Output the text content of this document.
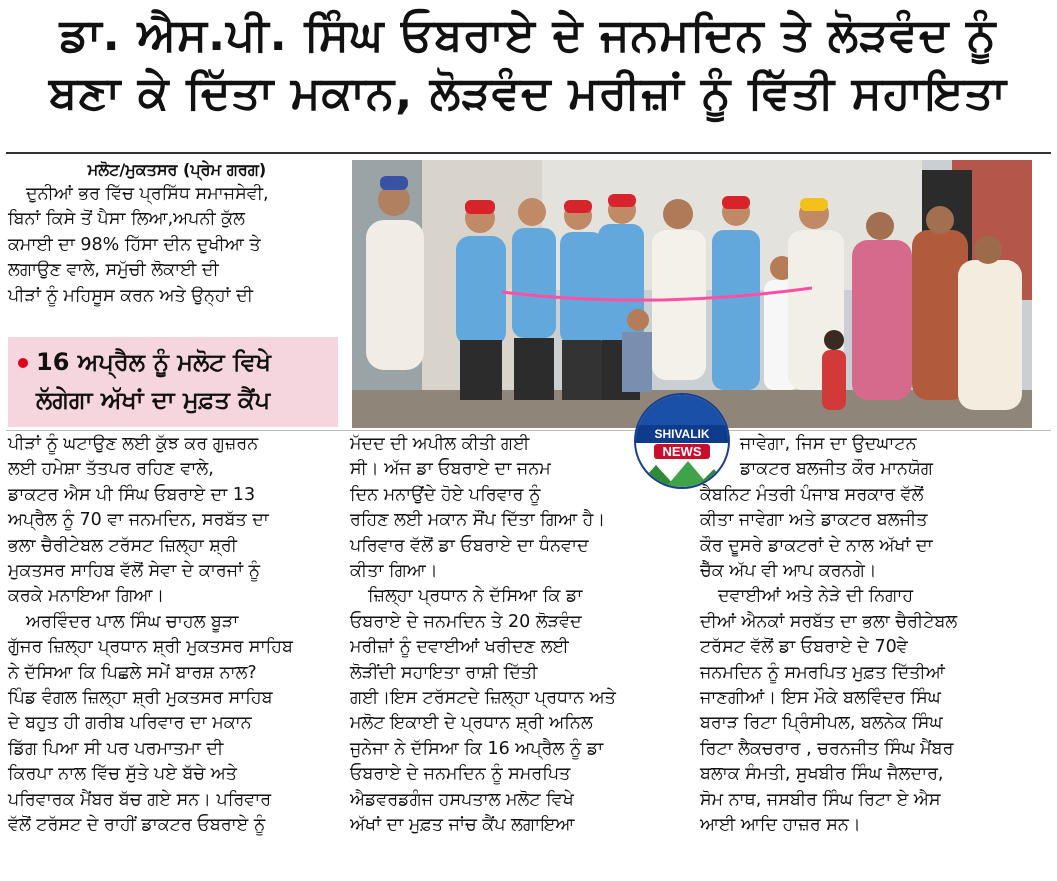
ਡਾ. ਐਸ.ਪੀ. ਸਿੰਘ ਓਬਰਾਏ ਦੇ ਜਨਮਦਿਨ ਤੇ ਲੋੜਵੰਦ ਨੂੰ
ਬਣਾ ਕੇ ਦਿੱਤਾ ਮਕਾਨ, ਲੋੜਵੰਦ ਮਰੀਜ਼ਾਂ ਨੂੰ ਵਿੱਤੀ ਸਹਾਇਤਾ

ਮਲੋਟ/ਮੁਕਤਸਰ (ਪ੍ਰੇਮ ਗਰਗ)

ਦੁਨੀਆਂ ਭਰ ਵਿੱਚ ਪ੍ਰਸਿੱਧ ਸਮਾਜਸੇਵੀ,

ਬਿਨਾਂ ਕਿਸੇ ਤੋਂ ਪੈਸਾ ਲਿਆ,ਅਪਨੀ ਕੁੱਲ

ਕਮਾਈ ਦਾ 98% ਹਿੱਸਾ ਦੀਨ ਦੁਖੀਆ ਤੇ

ਲਗਾਉਣ ਵਾਲੇ, ਸਮੁੱਚੀ ਲੋਕਾਈ ਦੀ

ਪੀੜਾਂ ਨੂੰ ਮਹਿਸੂਸ ਕਰਨ ਅਤੇ ਉਨ੍ਹਾਂ ਦੀ

16 ਅਪ੍ਰੈਲ ਨੂੰ ਮਲੋਟ ਵਿਖੇ
ਲੱਗੇਗਾ ਅੱਖਾਂ ਦਾ ਮੁਫ਼ਤ ਕੈਂਪ
SHIVALIK
NEWS

ਪੀੜਾਂ ਨੂੰ ਘਟਾਉਣ ਲਈ ਕੁੱਝ ਕਰ ਗੁਜ਼ਰਨ

ਲਈ ਹਮੇਸ਼ਾ ਤੱਤਪਰ ਰਹਿਣ ਵਾਲੇ,

ਡਾਕਟਰ ਐਸ ਪੀ ਸਿੰਘ ਓਬਰਾਏ ਦਾ 13

ਅਪ੍ਰੈਲ ਨੂੰ 70 ਵਾ ਜਨਮਦਿਨ, ਸਰਬੱਤ ਦਾ

ਭਲਾ ਚੈਰੀਟੇਬਲ ਟਰੱਸਟ ਜ਼ਿਲ੍ਹਾ ਸ਼੍ਰੀ

ਮੁਕਤਸਰ ਸਾਹਿਬ ਵੱਲੋਂ ਸੇਵਾ ਦੇ ਕਾਰਜਾਂ ਨੂੰ

ਕਰਕੇ ਮਨਾਇਆ ਗਿਆ।

ਅਰਵਿੰਦਰ ਪਾਲ ਸਿੰਘ ਚਾਹਲ ਬੂੜਾ

ਗੁੱਜਰ ਜ਼ਿਲ੍ਹਾ ਪ੍ਰਧਾਨ ਸ਼੍ਰੀ ਮੁਕਤਸਰ ਸਾਹਿਬ

ਨੇ ਦੱਸਿਆ ਕਿ ਪਿਛਲੇ ਸਮੇਂ ਬਾਰਸ਼ ਨਾਲ?

ਪਿੰਡ ਵੰਗਲ ਜ਼ਿਲ੍ਹਾ ਸ਼੍ਰੀ ਮੁਕਤਸਰ ਸਾਹਿਬ

ਦੇ ਬਹੁਤ ਹੀ ਗਰੀਬ ਪਰਿਵਾਰ ਦਾ ਮਕਾਨ

ਡਿੱਗ ਪਿਆ ਸੀ ਪਰ ਪਰਮਾਤਮਾ ਦੀ

ਕਿਰਪਾ ਨਾਲ ਵਿੱਚ ਸੁੱਤੇ ਪਏ ਬੱਚੇ ਅਤੇ

ਪਰਿਵਾਰਕ ਮੈਂਬਰ ਬੱਚ ਗਏ ਸਨ। ਪਰਿਵਾਰ

ਵੱਲੋਂ ਟਰੱਸਟ ਦੇ ਰਾਹੀਂ ਡਾਕਟਰ ਓਬਰਾਏ ਨੂੰ

ਮੱਦਦ ਦੀ ਅਪੀਲ ਕੀਤੀ ਗਈ

ਸੀ। ਅੱਜ ਡਾ ਓਬਰਾਏ ਦਾ ਜਨਮ

ਦਿਨ ਮਨਾਉਂਦੇ ਹੋਏ ਪਰਿਵਾਰ ਨੂੰ

ਰਹਿਣ ਲਈ ਮਕਾਨ ਸੌਂਪ ਦਿੱਤਾ ਗਿਆ ਹੈ।

ਪਰਿਵਾਰ ਵੱਲੋਂ ਡਾ ਓਬਰਾਏ ਦਾ ਧੰਨਵਾਦ

ਕੀਤਾ ਗਿਆ।

ਜ਼ਿਲ੍ਹਾ ਪ੍ਰਧਾਨ ਨੇ ਦੱਸਿਆ ਕਿ ਡਾ

ਓਬਰਾਏ ਦੇ ਜਨਮਦਿਨ ਤੇ 20 ਲੋੜਵੰਦ

ਮਰੀਜ਼ਾਂ ਨੂੰ ਦਵਾਈਆਂ ਖਰੀਦਣ ਲਈ

ਲੋੜੀਂਦੀ ਸਹਾਇਤਾ ਰਾਸ਼ੀ ਦਿੱਤੀ

ਗਈ।ਇਸ ਟਰੱਸਟਦੇ ਜ਼ਿਲ੍ਹਾ ਪ੍ਰਧਾਨ ਅਤੇ

ਮਲੋਟ ਇਕਾਈ ਦੇ ਪ੍ਰਧਾਨ ਸ਼੍ਰੀ ਅਨਿਲ

ਜੁਨੇਜਾ ਨੇ ਦੱਸਿਆ ਕਿ 16 ਅਪ੍ਰੈਲ ਨੂੰ ਡਾ

ਓਬਰਾਏ ਦੇ ਜਨਮਦਿਨ ਨੂੰ ਸਮਰਪਿਤ

ਐਡਵਰਡਗੰਜ ਹਸਪਤਾਲ ਮਲੋਟ ਵਿਖੇ

ਅੱਖਾਂ ਦਾ ਮੁਫ਼ਤ ਜਾਂਚ ਕੈਂਪ ਲਗਾਇਆ

ਜਾਵੇਗਾ, ਜਿਸ ਦਾ ਉਦਘਾਟਨ

ਡਾਕਟਰ ਬਲਜੀਤ ਕੌਰ ਮਾਨਯੋਗ

ਕੈਬਨਿਟ ਮੰਤਰੀ ਪੰਜਾਬ ਸਰਕਾਰ ਵੱਲੋਂ

ਕੀਤਾ ਜਾਵੇਗਾ ਅਤੇ ਡਾਕਟਰ ਬਲਜੀਤ

ਕੌਰ ਦੂਸਰੇ ਡਾਕਟਰਾਂ ਦੇ ਨਾਲ ਅੱਖਾਂ ਦਾ

ਚੈੱਕ ਅੱਪ ਵੀ ਆਪ ਕਰਨਗੇ।

ਦਵਾਈਆਂ ਅਤੇ ਨੇੜੇ ਦੀ ਨਿਗਾਹ

ਦੀਆਂ ਐਨਕਾਂ ਸਰਬੱਤ ਦਾ ਭਲਾ ਚੈਰੀਟੇਬਲ

ਟਰੱਸਟ ਵੱਲੋਂ ਡਾ ਓਬਰਾਏ ਦੇ 70ਵੇ

ਜਨਮਦਿਨ ਨੂੰ ਸਮਰਪਿਤ ਮੁਫ਼ਤ ਦਿੱਤੀਆਂ

ਜਾਣਗੀਆਂ। ਇਸ ਮੌਕੇ ਬਲਵਿੰਦਰ ਸਿੰਘ

ਬਰਾੜ ਰਿਟਾ ਪ੍ਰਿੰਸੀਪਲ, ਬਲਨੇਕ ਸਿੰਘ

ਰਿਟਾ ਲੈਕਚਰਾਰ , ਚਰਨਜੀਤ ਸਿੰਘ ਮੈਂਬਰ

ਬਲਾਕ ਸੰਮਤੀ, ਸੁਖਬੀਰ ਸਿੰਘ ਜੈਲਦਾਰ,

ਸੋਮ ਨਾਥ, ਜਸਬੀਰ ਸਿੰਘ ਰਿਟਾ ਏ ਐਸ

ਆਈ ਆਦਿ ਹਾਜ਼ਰ ਸਨ।
